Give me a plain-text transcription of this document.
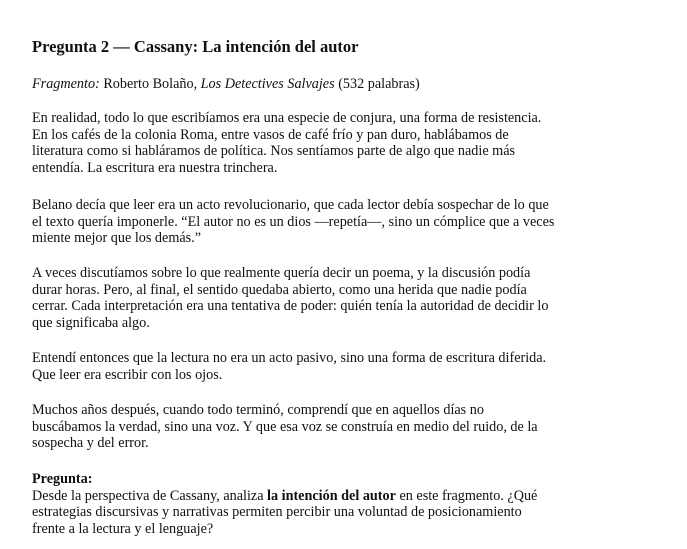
Pregunta 2 — Cassany: La intención del autor
Fragmento: Roberto Bolaño, Los Detectives Salvajes (532 palabras)
En realidad, todo lo que escribíamos era una especie de conjura, una forma de resistencia.
En los cafés de la colonia Roma, entre vasos de café frío y pan duro, hablábamos de
literatura como si habláramos de política. Nos sentíamos parte de algo que nadie más
entendía. La escritura era nuestra trinchera.
Belano decía que leer era un acto revolucionario, que cada lector debía sospechar de lo que
el texto quería imponerle. “El autor no es un dios —repetía—, sino un cómplice que a veces
miente mejor que los demás.”
A veces discutíamos sobre lo que realmente quería decir un poema, y la discusión podía
durar horas. Pero, al final, el sentido quedaba abierto, como una herida que nadie podía
cerrar. Cada interpretación era una tentativa de poder: quién tenía la autoridad de decidir lo
que significaba algo.
Entendí entonces que la lectura no era un acto pasivo, sino una forma de escritura diferida.
Que leer era escribir con los ojos.
Muchos años después, cuando todo terminó, comprendí que en aquellos días no
buscábamos la verdad, sino una voz. Y que esa voz se construía en medio del ruido, de la
sospecha y del error.
Pregunta:
Desde la perspectiva de Cassany, analiza la intención del autor en este fragmento. ¿Qué
estrategias discursivas y narrativas permiten percibir una voluntad de posicionamiento
frente a la lectura y el lenguaje?
